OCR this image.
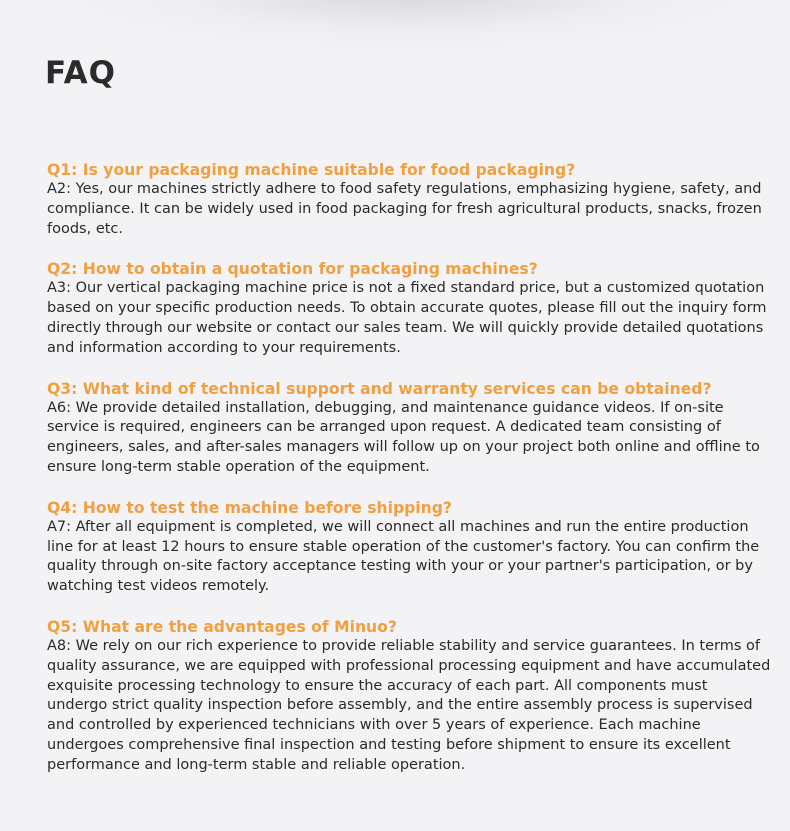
FAQ

Q1: Is your packaging machine suitable for food packaging?

A2: Yes, our machines strictly adhere to food safety regulations, emphasizing hygiene, safety, and compliance. It can be widely used in food packaging for fresh agricultural products, snacks, frozen foods, etc.

Q2: How to obtain a quotation for packaging machines?

A3: Our vertical packaging machine price is not a fixed standard price, but a customized quotation based on your specific production needs. To obtain accurate quotes, please fill out the inquiry form directly through our website or contact our sales team. We will quickly provide detailed quotations and information according to your requirements.

Q3: What kind of technical support and warranty services can be obtained?

A6: We provide detailed installation, debugging, and maintenance guidance videos. If on-site service is required, engineers can be arranged upon request. A dedicated team consisting of engineers, sales, and after-sales managers will follow up on your project both online and offline to ensure long-term stable operation of the equipment.

Q4: How to test the machine before shipping?

A7: After all equipment is completed, we will connect all machines and run the entire production line for at least 12 hours to ensure stable operation of the customer's factory. You can confirm the quality through on-site factory acceptance testing with your or your partner's participation, or by watching test videos remotely.

Q5: What are the advantages of Minuo?

A8: We rely on our rich experience to provide reliable stability and service guarantees. In terms of quality assurance, we are equipped with professional processing equipment and have accumulated exquisite processing technology to ensure the accuracy of each part. All components must undergo strict quality inspection before assembly, and the entire assembly process is supervised and controlled by experienced technicians with over 5 years of experience. Each machine undergoes comprehensive final inspection and testing before shipment to ensure its excellent performance and long-term stable and reliable operation.
